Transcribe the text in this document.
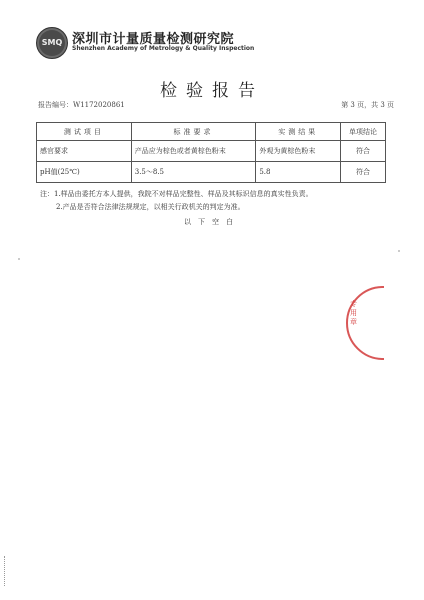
SMQ 深圳市计量质量检测研究院
Shenzhen Academy of Metrology & Quality Inspection
检验报告
报告编号：W1172020861	第 3 页，共 3 页
测试项目	标准要求	实测结果	单项结论
感官要求	产品应为棕色或者黄棕色粉末	外观为黄棕色粉末	符合
pH值(25℃)	3.5～8.5	5.8	符合
注：1.样品由委托方本人提供，我院不对样品完整性、样品及其标识信息的真实性负责。
2.产品是否符合法律法规规定，以相关行政机关的判定为准。
以下空白
专用章
